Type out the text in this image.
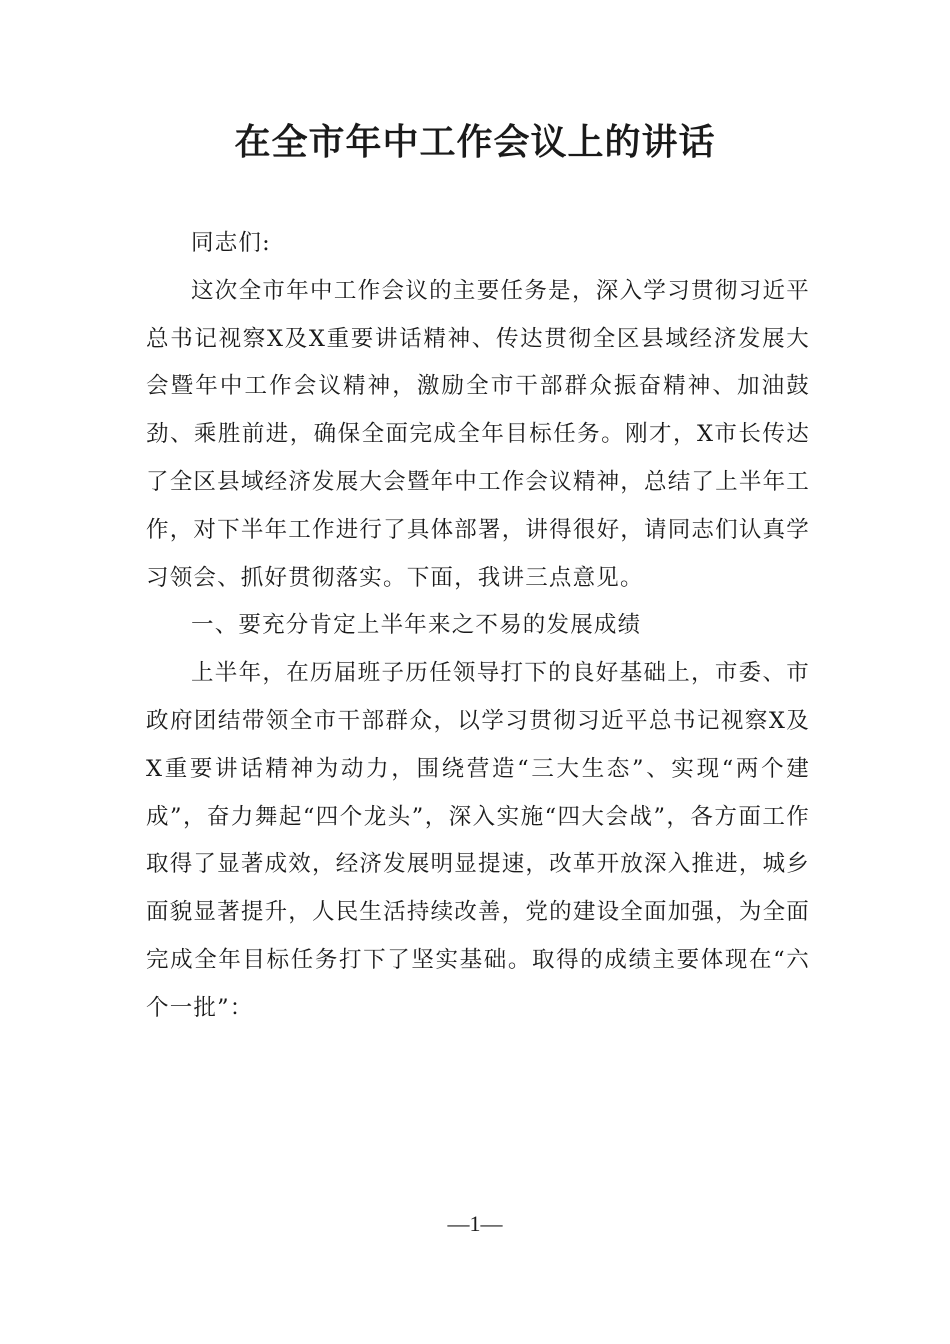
在全市年中工作会议上的讲话

同志们:

这次全市年中工作会议的主要任务是，深入学习贯彻习近平总书记视察X及X重要讲话精神、传达贯彻全区县域经济发展大会暨年中工作会议精神，激励全市干部群众振奋精神、加油鼓劲、乘胜前进，确保全面完成全年目标任务。刚才，X市长传达了全区县域经济发展大会暨年中工作会议精神，总结了上半年工作，对下半年工作进行了具体部署，讲得很好，请同志们认真学习领会、抓好贯彻落实。下面，我讲三点意见。

一、要充分肯定上半年来之不易的发展成绩

上半年，在历届班子历任领导打下的良好基础上，市委、市政府团结带领全市干部群众，以学习贯彻习近平总书记视察X及X重要讲话精神为动力，围绕营造“三大生态”、实现“两个建成”，奋力舞起“四个龙头”，深入实施“四大会战”，各方面工作取得了显著成效，经济发展明显提速，改革开放深入推进，城乡面貌显著提升，人民生活持续改善，党的建设全面加强，为全面完成全年目标任务打下了坚实基础。取得的成绩主要体现在“六个一批”：

—1—
